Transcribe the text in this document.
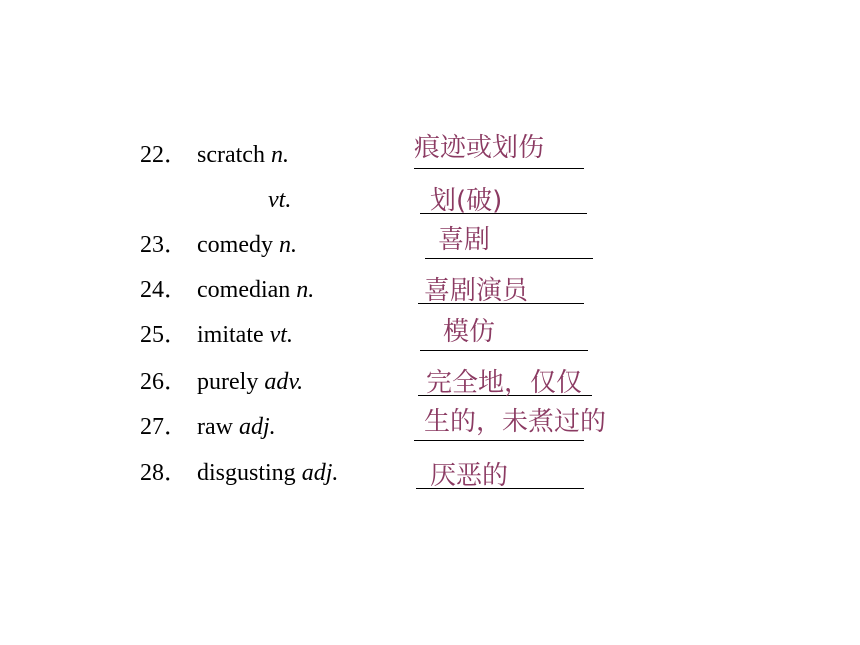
22． scratch n.	痕迹或划伤
vt.	划(破)
23． comedy n.	喜剧
24． comedian n.	喜剧演员
25． imitate vt.	模仿
26． purely adv.	完全地，仅仅
27． raw adj.	生的，未煮过的
28． disgusting adj.	厌恶的
